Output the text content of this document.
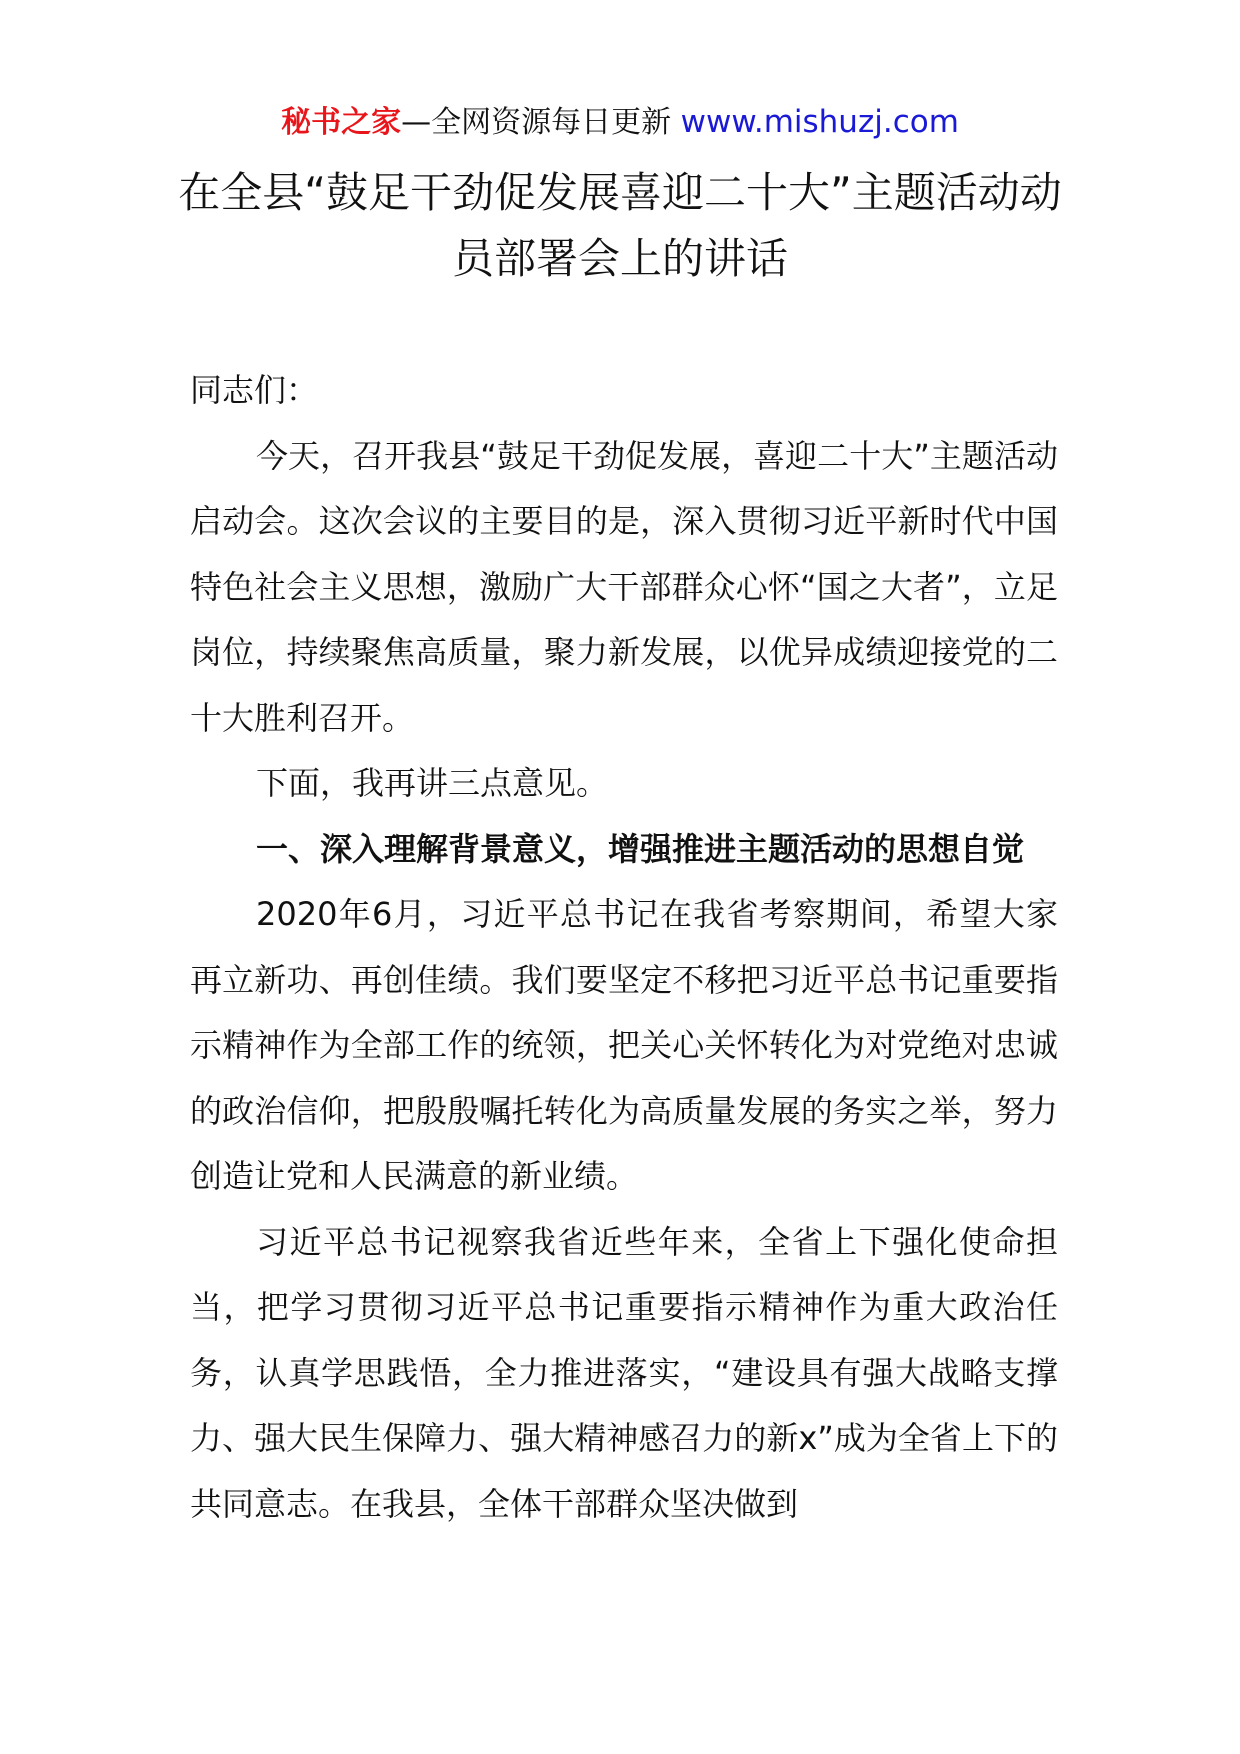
秘书之家—全网资源每日更新 www.mishuzj.com
在全县“鼓足干劲促发展喜迎二十大”主题活动动员部署会上的讲话

同志们：

今天，召开我县“鼓足干劲促发展，喜迎二十大”主题活动启动会。这次会议的主要目的是，深入贯彻习近平新时代中国特色社会主义思想，激励广大干部群众心怀“国之大者”，立足岗位，持续聚焦高质量，聚力新发展，以优异成绩迎接党的二十大胜利召开。

下面，我再讲三点意见。

一、深入理解背景意义，增强推进主题活动的思想自觉

2020年6月，习近平总书记在我省考察期间，希望大家再立新功、再创佳绩。我们要坚定不移把习近平总书记重要指示精神作为全部工作的统领，把关心关怀转化为对党绝对忠诚的政治信仰，把殷殷嘱托转化为高质量发展的务实之举，努力创造让党和人民满意的新业绩。

习近平总书记视察我省近些年来，全省上下强化使命担当，把学习贯彻习近平总书记重要指示精神作为重大政治任务，认真学思践悟，全力推进落实，“建设具有强大战略支撑力、强大民生保障力、强大精神感召力的新x”成为全省上下的共同意志。在我县，全体干部群众坚决做到
